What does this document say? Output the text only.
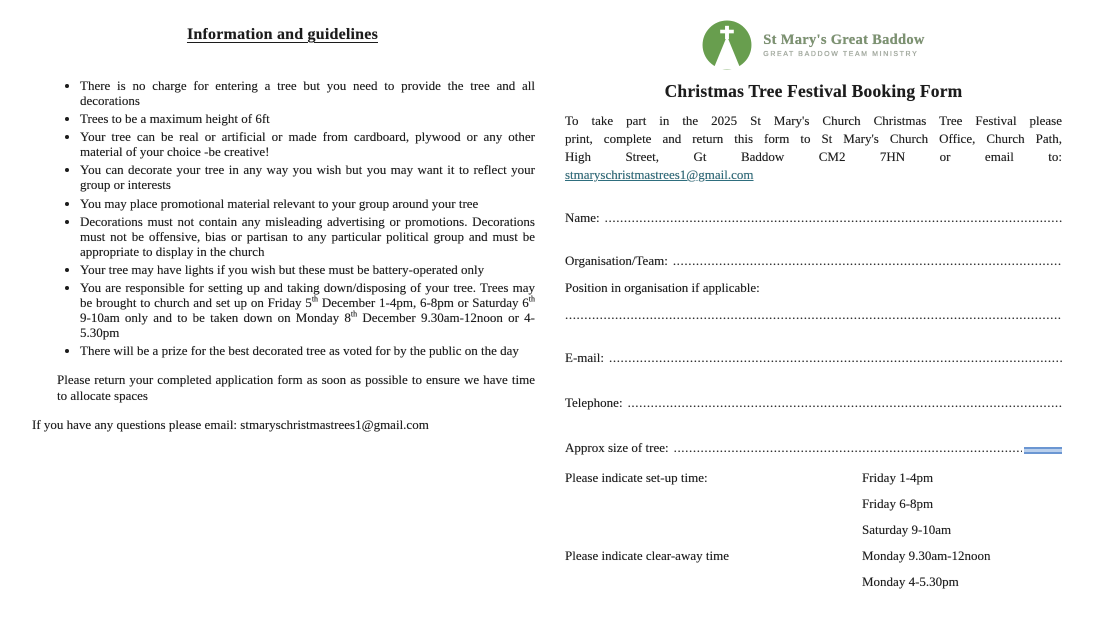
Information and guidelines
• There is no charge for entering a tree but you need to provide the tree and all decorations
• Trees to be a maximum height of 6ft
• Your tree can be real or artificial or made from cardboard, plywood or any other material of your choice -be creative!
• You can decorate your tree in any way you wish but you may want it to reflect your group or interests
• You may place promotional material relevant to your group around your tree
• Decorations must not contain any misleading advertising or promotions. Decorations must not be offensive, bias or partisan to any particular political group and must be appropriate to display in the church
• Your tree may have lights if you wish but these must be battery-operated only
• You are responsible for setting up and taking down/disposing of your tree. Trees may be brought to church and set up on Friday 5th December 1-4pm, 6-8pm or Saturday 6th 9-10am only and to be taken down on Monday 8th December 9.30am-12noon or 4-5.30pm
• There will be a prize for the best decorated tree as voted for by the public on the day

Please return your completed application form as soon as possible to ensure we have time to allocate spaces

If you have any questions please email: stmaryschristmastrees1@gmail.com

St Mary's Great Baddow
GREAT BADDOW TEAM MINISTRY
Christmas Tree Festival Booking Form
To take part in the 2025 St Mary's Church Christmas Tree Festival please
print, complete and return this form to St Mary's Church Office, Church Path,
High Street, Gt Baddow CM2 7HN or email to:
stmaryschristmastrees1@gmail.com
Name:
.....
Organisation/Team:
.....
Position in organisation if applicable:
.....
E-mail:
.....
Telephone:
.....
Approx size of tree:
.....
Please indicate set-up time:	Friday 1-4pm
Friday 6-8pm
Saturday 9-10am
Please indicate clear-away time	Monday 9.30am-12noon
Monday 4-5.30pm
